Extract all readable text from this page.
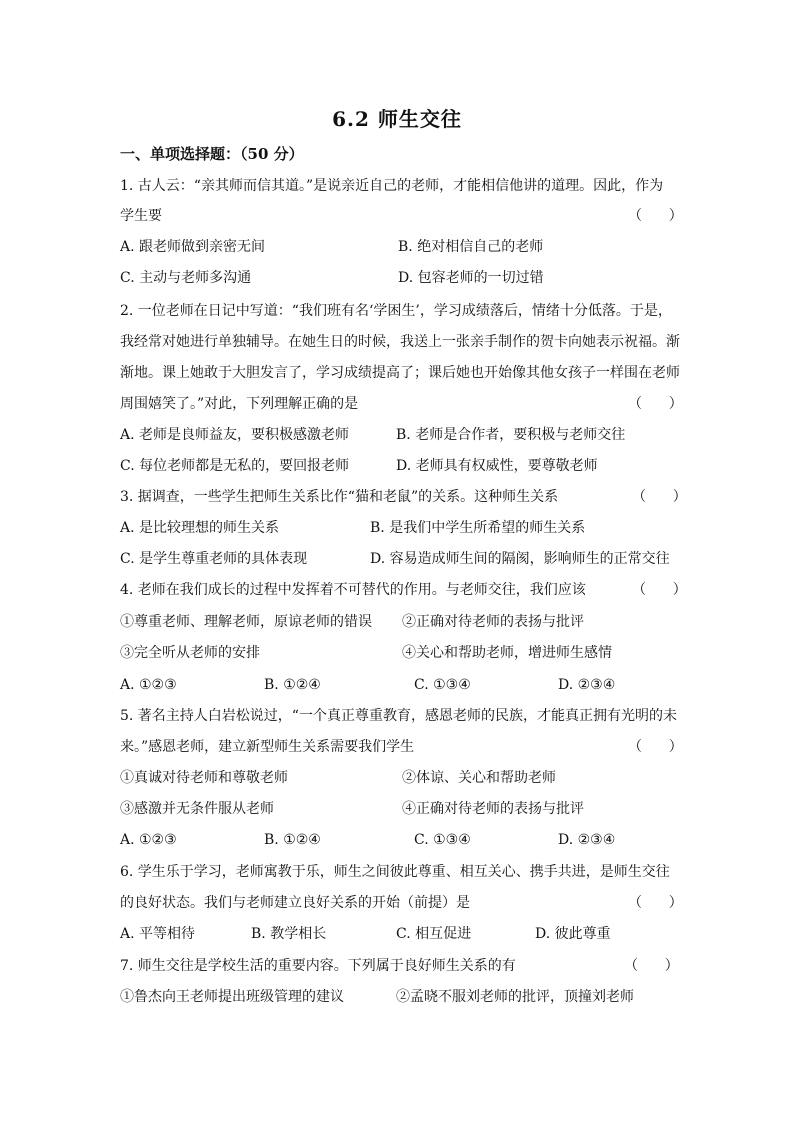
6.2 师生交往
一、单项选择题：（50 分）
1. 古人云：“亲其师而信其道。”是说亲近自己的老师，才能相信他讲的道理。因此，作为
学生要	（      ）
A. 跟老师做到亲密无间	B. 绝对相信自己的老师
C. 主动与老师多沟通	D. 包容老师的一切过错
2. 一位老师在日记中写道：“我们班有名‘学困生’，学习成绩落后，情绪十分低落。于是，
我经常对她进行单独辅导。在她生日的时候，我送上一张亲手制作的贺卡向她表示祝福。渐
渐地。课上她敢于大胆发言了，学习成绩提高了；课后她也开始像其他女孩子一样围在老师
周围嬉笑了。”对此，下列理解正确的是	（      ）
A. 老师是良师益友，要积极感激老师	B. 老师是合作者，要积极与老师交往
C. 每位老师都是无私的，要回报老师	D. 老师具有权威性，要尊敬老师
3. 据调查，一些学生把师生关系比作“猫和老鼠”的关系。这种师生关系	（      ）
A. 是比较理想的师生关系	B. 是我们中学生所希望的师生关系
C. 是学生尊重老师的具体表现	D. 容易造成师生间的隔阂，影响师生的正常交往
4. 老师在我们成长的过程中发挥着不可替代的作用。与老师交往，我们应该	（      ）
①尊重老师、理解老师，原谅老师的错误 ②正确对待老师的表扬与批评
③完全听从老师的安排	④关心和帮助老师，增进师生感情
A. ①②③	B. ①②④	C. ①③④	D. ②③④
5. 著名主持人白岩松说过，“一个真正尊重教育，感恩老师的民族，才能真正拥有光明的未
来。”感恩老师，建立新型师生关系需要我们学生	（      ）
①真诚对待老师和尊敬老师	②体谅、关心和帮助老师
③感激并无条件服从老师	④正确对待老师的表扬与批评
A. ①②③	B. ①②④	C. ①③④	D. ②③④
6. 学生乐于学习，老师寓教于乐，师生之间彼此尊重、相互关心、携手共进，是师生交往
的良好状态。我们与老师建立良好关系的开始（前提）是	（      ）
A. 平等相待	B. 教学相长	C. 相互促进	D. 彼此尊重
7. 师生交往是学校生活的重要内容。下列属于良好师生关系的有	（      ）
①鲁杰向王老师提出班级管理的建议	②孟晓不服刘老师的批评，顶撞刘老师
